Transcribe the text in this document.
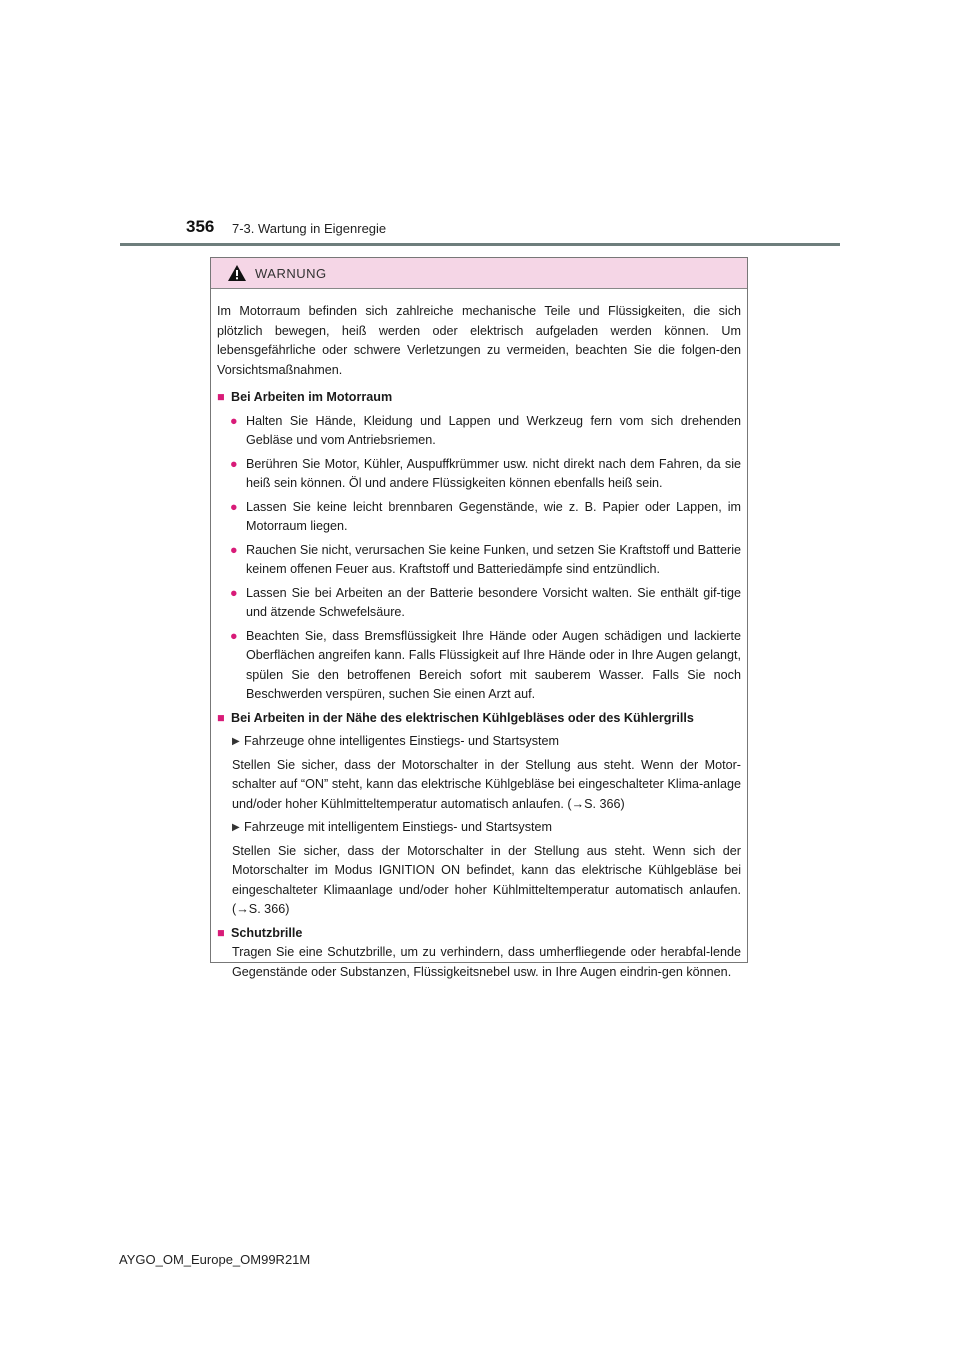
356 7-3. Wartung in Eigenregie
WARNUNG

Im Motorraum befinden sich zahlreiche mechanische Teile und Flüssigkeiten, die sich plötzlich bewegen, heiß werden oder elektrisch aufgeladen werden können. Um lebensgefährliche oder schwere Verletzungen zu vermeiden, beachten Sie die folgen-den Vorsichtsmaßnahmen.

■ Bei Arbeiten im Motorraum
● Halten Sie Hände, Kleidung und Lappen und Werkzeug fern vom sich drehenden Gebläse und vom Antriebsriemen.
● Berühren Sie Motor, Kühler, Auspuffkrümmer usw. nicht direkt nach dem Fahren, da sie heiß sein können. Öl und andere Flüssigkeiten können ebenfalls heiß sein.
● Lassen Sie keine leicht brennbaren Gegenstände, wie z. B. Papier oder Lappen, im Motorraum liegen.
● Rauchen Sie nicht, verursachen Sie keine Funken, und setzen Sie Kraftstoff und Batterie keinem offenen Feuer aus. Kraftstoff und Batteriedämpfe sind entzündlich.
● Lassen Sie bei Arbeiten an der Batterie besondere Vorsicht walten. Sie enthält gif-tige und ätzende Schwefelsäure.
● Beachten Sie, dass Bremsflüssigkeit Ihre Hände oder Augen schädigen und lackierte Oberflächen angreifen kann. Falls Flüssigkeit auf Ihre Hände oder in Ihre Augen gelangt, spülen Sie den betroffenen Bereich sofort mit sauberem Wasser. Falls Sie noch Beschwerden verspüren, suchen Sie einen Arzt auf.
■ Bei Arbeiten in der Nähe des elektrischen Kühlgebläses oder des Kühlergrills
▶ Fahrzeuge ohne intelligentes Einstiegs- und Startsystem

Stellen Sie sicher, dass der Motorschalter in der Stellung aus steht. Wenn der Motor-schalter auf “ON” steht, kann das elektrische Kühlgebläse bei eingeschalteter Klima-anlage und/oder hoher Kühlmitteltemperatur automatisch anlaufen. (→S. 366)

▶ Fahrzeuge mit intelligentem Einstiegs- und Startsystem

Stellen Sie sicher, dass der Motorschalter in der Stellung aus steht. Wenn sich der Motorschalter im Modus IGNITION ON befindet, kann das elektrische Kühlgebläse bei eingeschalteter Klimaanlage und/oder hoher Kühlmitteltemperatur automatisch anlaufen. (→S. 366)

■ Schutzbrille

Tragen Sie eine Schutzbrille, um zu verhindern, dass umherfliegende oder herabfal-lende Gegenstände oder Substanzen, Flüssigkeitsnebel usw. in Ihre Augen eindrin-gen können.

AYGO_OM_Europe_OM99R21M
